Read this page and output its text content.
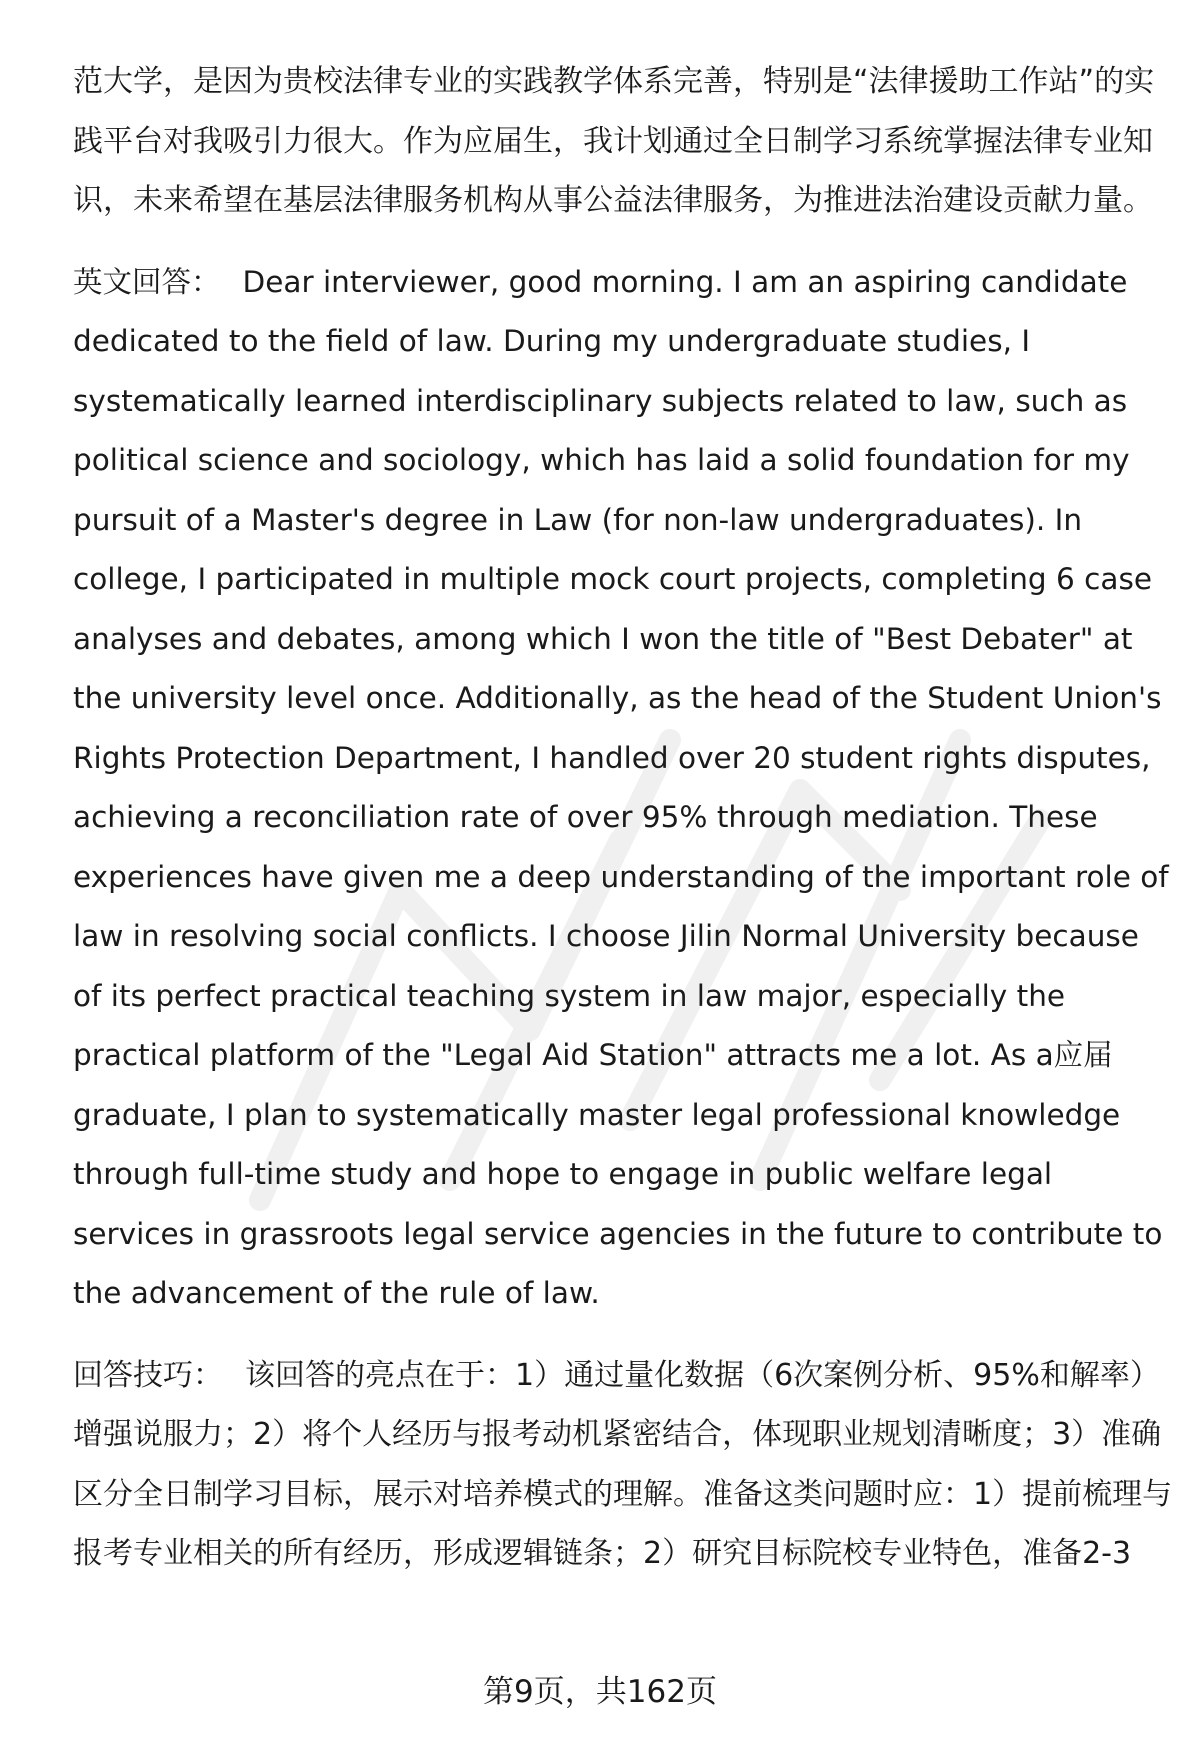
范大学，是因为贵校法律专业的实践教学体系完善，特别是“法律援助工作站”的实践平台对我吸引力很大。作为应届生，我计划通过全日制学习系统掌握法律专业知识，未来希望在基层法律服务机构从事公益法律服务，为推进法治建设贡献力量。

英文回答： Dear interviewer, good morning. I am an aspiring candidate dedicated to the field of law. During my undergraduate studies, I systematically learned interdisciplinary subjects related to law, such as political science and sociology, which has laid a solid foundation for my pursuit of a Master's degree in Law (for non-law undergraduates). In college, I participated in multiple mock court projects, completing 6 case analyses and debates, among which I won the title of "Best Debater" at the university level once. Additionally, as the head of the Student Union's Rights Protection Department, I handled over 20 student rights disputes, achieving a reconciliation rate of over 95% through mediation. These experiences have given me a deep understanding of the important role of law in resolving social conflicts. I choose Jilin Normal University because of its perfect practical teaching system in law major, especially the practical platform of the "Legal Aid Station" attracts me a lot. As a应届 graduate, I plan to systematically master legal professional knowledge through full-time study and hope to engage in public welfare legal services in grassroots legal service agencies in the future to contribute to the advancement of the rule of law.

回答技巧： 该回答的亮点在于：1）通过量化数据（6次案例分析、95%和解率）增强说服力；2）将个人经历与报考动机紧密结合，体现职业规划清晰度；3）准确区分全日制学习目标，展示对培养模式的理解。准备这类问题时应：1）提前梳理与报考专业相关的所有经历，形成逻辑链条；2）研究目标院校专业特色，准备2-3

第9页，共162页
